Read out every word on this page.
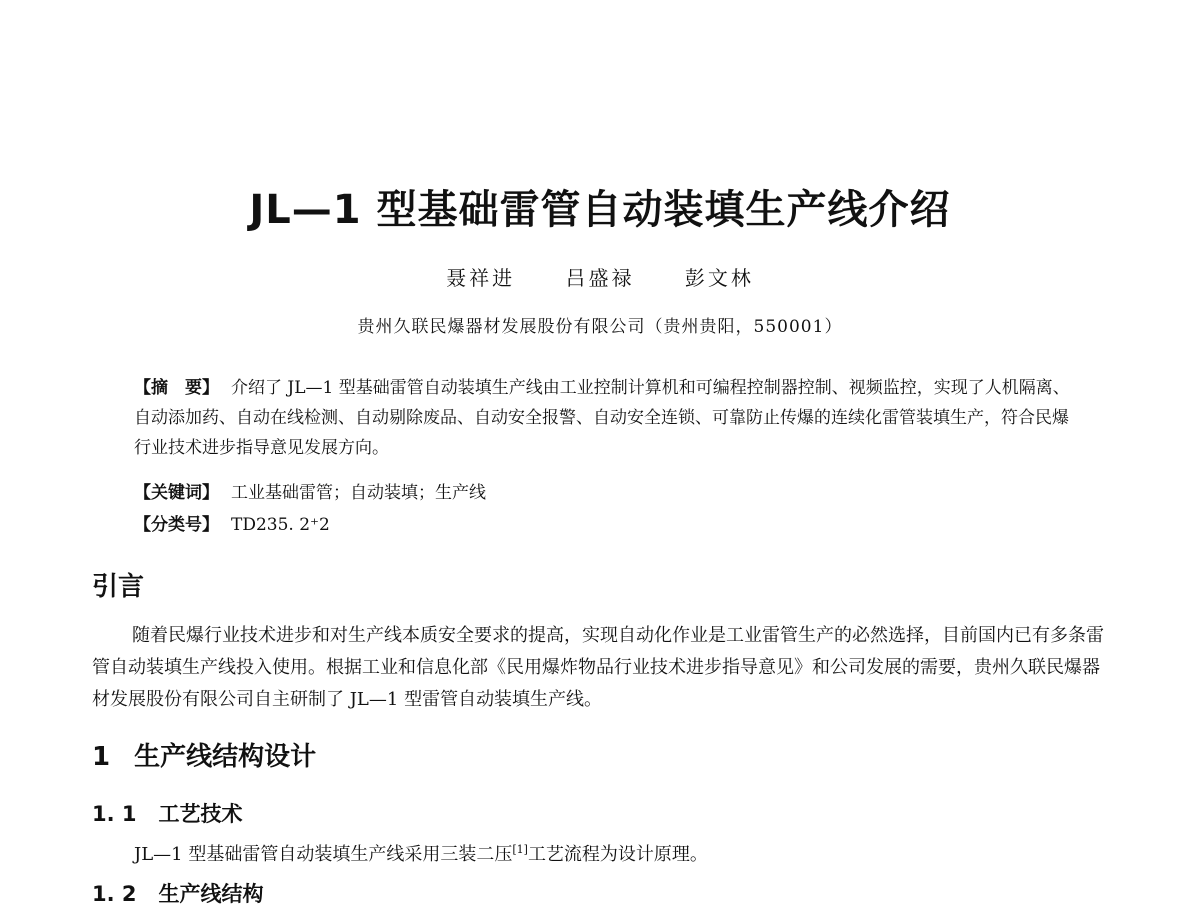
JL—1 型基础雷管自动装填生产线介绍
聂祥进	吕盛禄	彭文林
贵州久联民爆器材发展股份有限公司（贵州贵阳，550001）
【摘　要】 介绍了 JL—1 型基础雷管自动装填生产线由工业控制计算机和可编程控制器控制、视频监控，实现了人机隔离、自动添加药、自动在线检测、自动剔除废品、自动安全报警、自动安全连锁、可靠防止传爆的连续化雷管装填生产，符合民爆行业技术进步指导意见发展方向。
【关键词】 工业基础雷管；自动装填；生产线
【分类号】 TD235. 2⁺2
引言
随着民爆行业技术进步和对生产线本质安全要求的提高，实现自动化作业是工业雷管生产的必然选择，目前国内已有多条雷管自动装填生产线投入使用。根据工业和信息化部《民用爆炸物品行业技术进步指导意见》和公司发展的需要，贵州久联民爆器材发展股份有限公司自主研制了 JL—1 型雷管自动装填生产线。
1 生产线结构设计
1. 1 工艺技术
JL—1 型基础雷管自动装填生产线采用三装二压[1]工艺流程为设计原理。
1. 2 生产线结构
